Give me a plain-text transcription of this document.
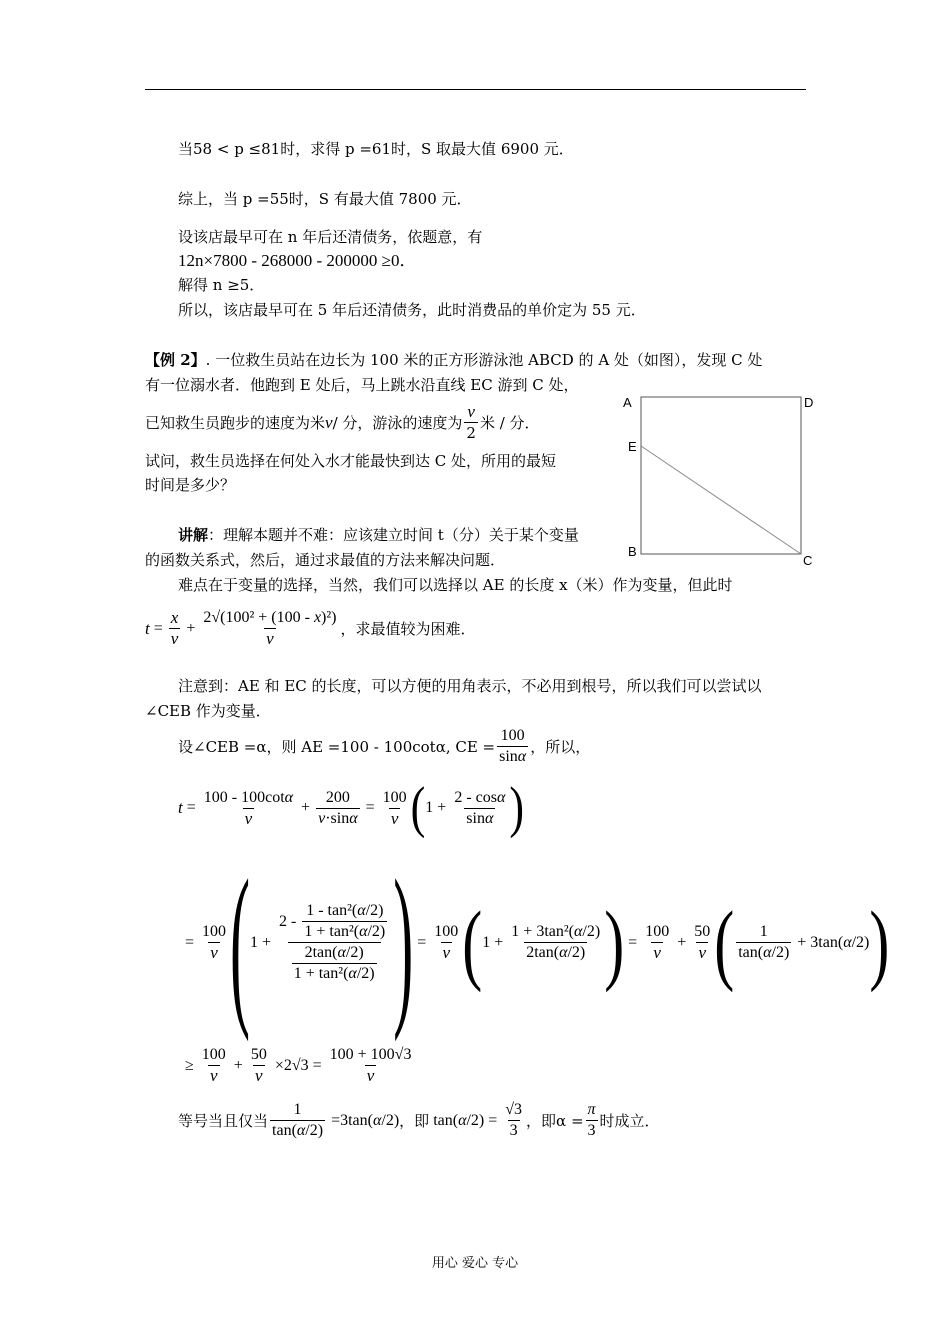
当58 < p ≤81时，求得 p =61时，S 取最大值 6900 元．
综上，当 p =55时，S 有最大值 7800 元．
设该店最早可在 n 年后还清债务，依题意，有
12n×7800 - 268000 - 200000 ≥0．
解得 n ≥5．
所以，该店最早可在 5 年后还清债务，此时消费品的单价定为 55 元．
【例 2】. 一位救生员站在边长为 100 米的正方形游泳池 ABCD 的 A 处（如图），发现 C 处
有一位溺水者．他跑到 E 处后，马上跳水沿直线 EC 游到 C 处，
已知救生员跑步的速度为米 v / 分，游泳的速度为 $\frac{v}{2}$ 米 / 分．
试问，救生员选择在何处入水才能最快到达 C 处，所用的最短
时间是多少？
A	D
E
B
C
讲解：理解本题并不难：应该建立时间 t（分）关于某个变量
的函数关系式，然后，通过求最值的方法来解决问题．
难点在于变量的选择，当然，我们可以选择以 AE 的长度 x（米）作为变量，但此时
$t = \frac{x}{v} + \frac{\text{2√(100² + (100 - x)²)}}{v}$ ，求最值较为困难．
注意到：AE 和 EC 的长度，可以方便的用角表示，不必用到根号，所以我们可以尝试以
∠CEB 作为变量．
设∠CEB =α，则 AE =100 - 100cotα, CE = $\frac{100}{\sin\alpha}$ ，所以，
$t = \frac{100 - 100\cot\alpha}{v} + \frac{200}{v\cdot\sin\alpha} = \frac{100}{v}$ ( $1 + \frac{2 - \cos\alpha}{\sin\alpha}$ )
= $\frac{100}{v}$ ( $1 + \frac{2 - \frac{\text{1 - tan²(α/2)}}{\text{1 + tan²(α/2)}}}{\frac{2\tan(\alpha/2)}{\text{1 + tan²(α/2)}}}$ ) = $\frac{100}{v}$ ( $1 + \frac{\text{1 + 3tan²(α/2)}}{2\tan(\alpha/2)}$ ) = $\frac{100}{v} + \frac{50}{v}$ ( $\frac{1}{\tan(\alpha/2)} + 3\tan$( α /2) )
≥ $\frac{100}{v} + \frac{50}{v} \times 2√3 = \frac{100 + 100√3}{v}$
等号当且仅当 $\frac{1}{\tan(\alpha/2)} =3\tan$( α /2) ，即 tan( α $/2) = \frac{√3}{3}$ ，即$\alpha = \frac{\pi}{3}$ 时成立．
用心 爱心 专心
